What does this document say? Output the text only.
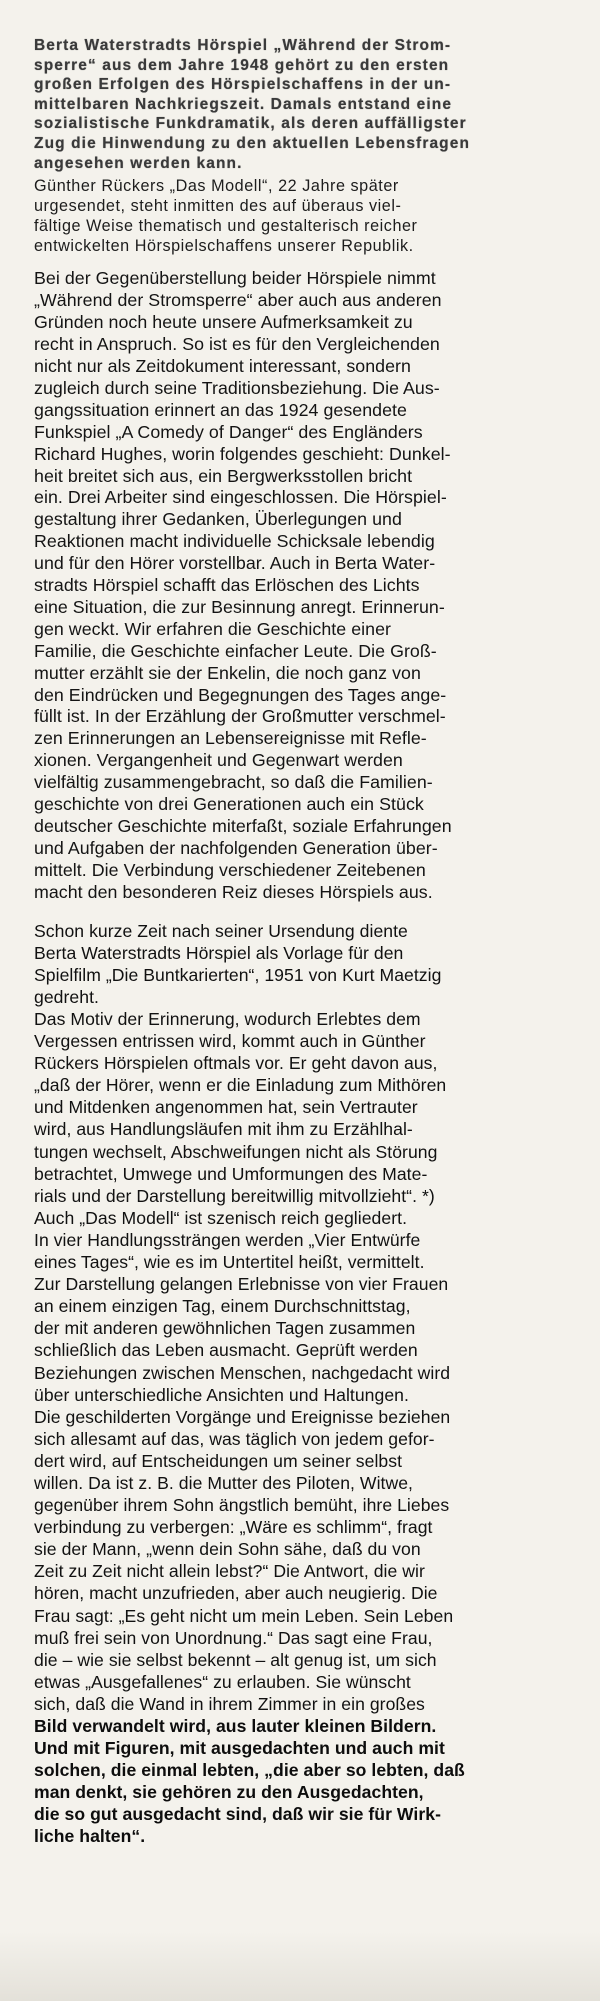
Berta Waterstradts Hörspiel „Während der Strom-
sperre“ aus dem Jahre 1948 gehört zu den ersten
großen Erfolgen des Hörspielschaffens in der un-
mittelbaren Nachkriegszeit. Damals entstand eine
sozialistische Funkdramatik, als deren auffälligster
Zug die Hinwendung zu den aktuellen Lebensfragen
angesehen werden kann.
Günther Rückers „Das Modell“, 22 Jahre später
urgesendet, steht inmitten des auf überaus viel-
fältige Weise thematisch und gestalterisch reicher
entwickelten Hörspielschaffens unserer Republik.
Bei der Gegenüberstellung beider Hörspiele nimmt
„Während der Stromsperre“ aber auch aus anderen
Gründen noch heute unsere Aufmerksamkeit zu
recht in Anspruch. So ist es für den Vergleichenden
nicht nur als Zeitdokument interessant, sondern
zugleich durch seine Traditionsbeziehung. Die Aus-
gangssituation erinnert an das 1924 gesendete
Funkspiel „A Comedy of Danger“ des Engländers
Richard Hughes, worin folgendes geschieht: Dunkel-
heit breitet sich aus, ein Bergwerksstollen bricht
ein. Drei Arbeiter sind eingeschlossen. Die Hörspiel-
gestaltung ihrer Gedanken, Überlegungen und
Reaktionen macht individuelle Schicksale lebendig
und für den Hörer vorstellbar. Auch in Berta Water-
stradts Hörspiel schafft das Erlöschen des Lichts
eine Situation, die zur Besinnung anregt. Erinnerun-
gen weckt. Wir erfahren die Geschichte einer
Familie, die Geschichte einfacher Leute. Die Groß-
mutter erzählt sie der Enkelin, die noch ganz von
den Eindrücken und Begegnungen des Tages ange-
füllt ist. In der Erzählung der Großmutter verschmel-
zen Erinnerungen an Lebensereignisse mit Refle-
xionen. Vergangenheit und Gegenwart werden
vielfältig zusammengebracht, so daß die Familien-
geschichte von drei Generationen auch ein Stück
deutscher Geschichte miterfaßt, soziale Erfahrungen
und Aufgaben der nachfolgenden Generation über-
mittelt. Die Verbindung verschiedener Zeitebenen
macht den besonderen Reiz dieses Hörspiels aus.
Schon kurze Zeit nach seiner Ursendung diente
Berta Waterstradts Hörspiel als Vorlage für den
Spielfilm „Die Buntkarierten“, 1951 von Kurt Maetzig
gedreht.
Das Motiv der Erinnerung, wodurch Erlebtes dem
Vergessen entrissen wird, kommt auch in Günther
Rückers Hörspielen oftmals vor. Er geht davon aus,
„daß der Hörer, wenn er die Einladung zum Mithören
und Mitdenken angenommen hat, sein Vertrauter
wird, aus Handlungsläufen mit ihm zu Erzählhal-
tungen wechselt, Abschweifungen nicht als Störung
betrachtet, Umwege und Umformungen des Mate-
rials und der Darstellung bereitwillig mitvollzieht“. *)
Auch „Das Modell“ ist szenisch reich gegliedert.
In vier Handlungssträngen werden „Vier Entwürfe
eines Tages“, wie es im Untertitel heißt, vermittelt.
Zur Darstellung gelangen Erlebnisse von vier Frauen
an einem einzigen Tag, einem Durchschnittstag,
der mit anderen gewöhnlichen Tagen zusammen
schließlich das Leben ausmacht. Geprüft werden
Beziehungen zwischen Menschen, nachgedacht wird
über unterschiedliche Ansichten und Haltungen.
Die geschilderten Vorgänge und Ereignisse beziehen
sich allesamt auf das, was täglich von jedem gefor-
dert wird, auf Entscheidungen um seiner selbst
willen. Da ist z. B. die Mutter des Piloten, Witwe,
gegenüber ihrem Sohn ängstlich bemüht, ihre Liebes
verbindung zu verbergen: „Wäre es schlimm“, fragt
sie der Mann, „wenn dein Sohn sähe, daß du von
Zeit zu Zeit nicht allein lebst?“ Die Antwort, die wir
hören, macht unzufrieden, aber auch neugierig. Die
Frau sagt: „Es geht nicht um mein Leben. Sein Leben
muß frei sein von Unordnung.“ Das sagt eine Frau,
die – wie sie selbst bekennt – alt genug ist, um sich
etwas „Ausgefallenes“ zu erlauben. Sie wünscht
sich, daß die Wand in ihrem Zimmer in ein großes
Bild verwandelt wird, aus lauter kleinen Bildern.
Und mit Figuren, mit ausgedachten und auch mit
solchen, die einmal lebten, „die aber so lebten, daß
man denkt, sie gehören zu den Ausgedachten,
die so gut ausgedacht sind, daß wir sie für Wirk-
liche halten“.
